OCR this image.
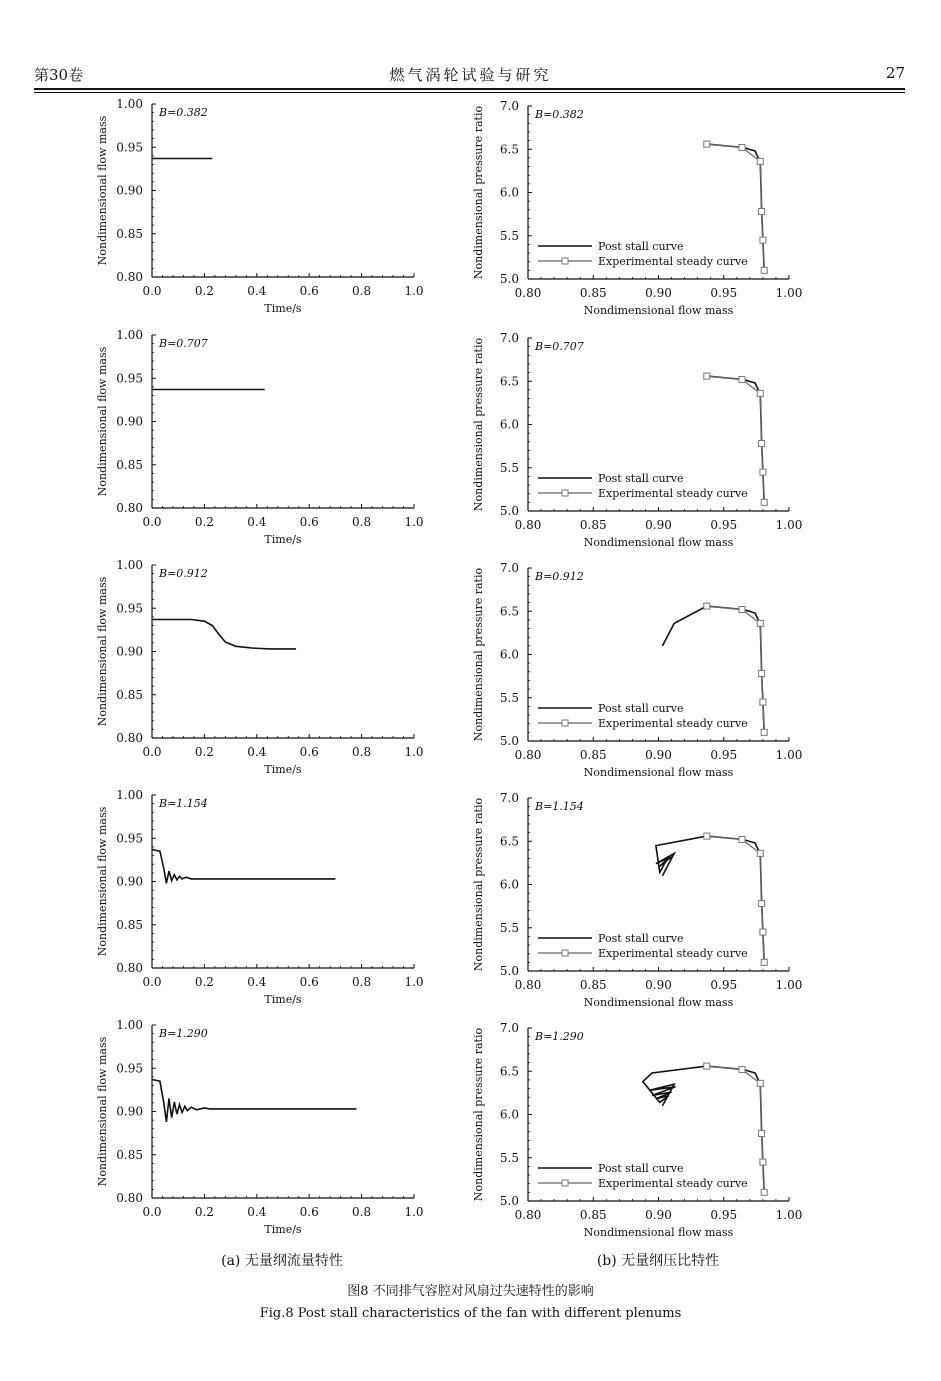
第30卷	燃气涡轮试验与研究	27
0.0	0.2	0.4	0.6	0.8	1.0
0.80
0.85
0.90
0.95
1.00
Time/s
Nondimensional flow mass
B=0.382
0.80	0.85	0.90	0.95	1.00
5.0
5.5
6.0
6.5
7.0
Nondimensional flow mass
Nondimensional pressure ratio	B=0.382
Post stall curve
Experimental steady curve
0.0	0.2	0.4	0.6	0.8	1.0
0.80
0.85
0.90
0.95
1.00
Time/s
Nondimensional flow mass
B=0.707
0.80	0.85	0.90	0.95	1.00
5.0
5.5
6.0
6.5
7.0
Nondimensional flow mass
Nondimensional pressure ratio	B=0.707
Post stall curve
Experimental steady curve
0.0	0.2	0.4	0.6	0.8	1.0
0.80
0.85
0.90
0.95
1.00
Time/s
Nondimensional flow mass
B=0.912
0.80	0.85	0.90	0.95	1.00
5.0
5.5
6.0
6.5
7.0
Nondimensional flow mass
Nondimensional pressure ratio	B=0.912
Post stall curve
Experimental steady curve
0.0	0.2	0.4	0.6	0.8	1.0
0.80
0.85
0.90
0.95
1.00
Time/s
Nondimensional flow mass
B=1.154
0.80	0.85	0.90	0.95	1.00
5.0
5.5
6.0
6.5
7.0
Nondimensional flow mass
Nondimensional pressure ratio	B=1.154
Post stall curve
Experimental steady curve
0.0	0.2	0.4	0.6	0.8	1.0
0.80
0.85
0.90
0.95
1.00
Time/s
Nondimensional flow mass
B=1.290
0.80	0.85	0.90	0.95	1.00
5.0
5.5
6.0
6.5
7.0
Nondimensional flow mass
Nondimensional pressure ratio	B=1.290
Post stall curve
Experimental steady curve
(a) 无量纲流量特性	(b) 无量纲压比特性
图8 不同排气容腔对风扇过失速特性的影响
Fig.8 Post stall characteristics of the fan with different plenums
